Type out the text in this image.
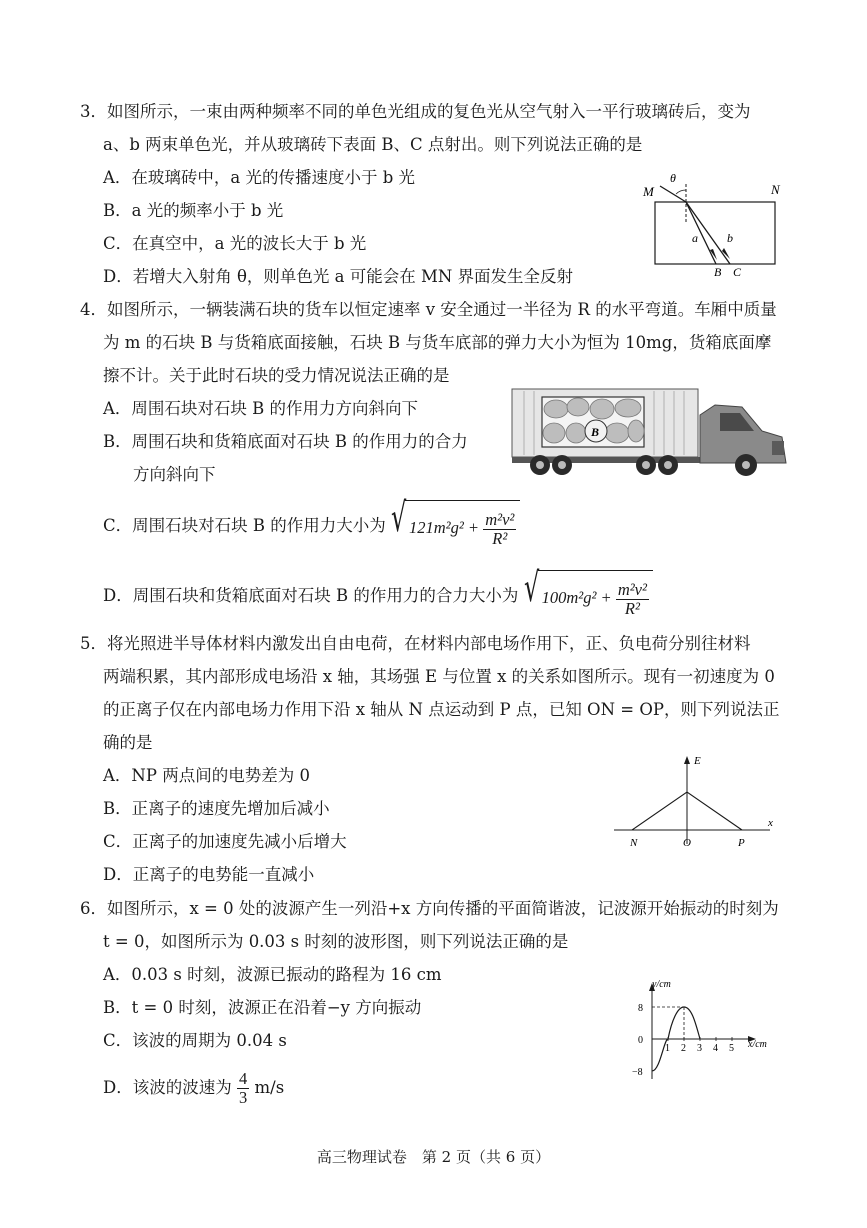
3．如图所示，一束由两种频率不同的单色光组成的复色光从空气射入一平行玻璃砖后，变为
a、b 两束单色光，并从玻璃砖下表面 B、C 点射出。则下列说法正确的是
A．在玻璃砖中，a 光的传播速度小于 b 光
B．a 光的频率小于 b 光
C．在真空中，a 光的波长大于 b 光
D．若增大入射角 θ，则单色光 a 可能会在 MN 界面发生全反射
θ
M	N
a b
B C
4．如图所示，一辆装满石块的货车以恒定速率 v 安全通过一半径为 R 的水平弯道。车厢中质量
为 m 的石块 B 与货箱底面接触，石块 B 与货车底部的弹力大小为恒为 10mg，货箱底面摩
擦不计。关于此时石块的受力情况说法正确的是
A．周围石块对石块 B 的作用力方向斜向下
B．周围石块和货箱底面对石块 B 的作用力的合力
方向斜向下
C．周围石块对石块 B 的作用力大小为 √ $121m^2g^2 + \frac{\text{m²v²}}{\text{R²}}$
D．周围石块和货箱底面对石块 B 的作用力的合力大小为 √ $100m^2g^2 + \frac{\text{m²v²}}{\text{R²}}$
B
5．将光照进半导体材料内激发出自由电荷，在材料内部电场作用下，正、负电荷分别往材料
两端积累，其内部形成电场沿 x 轴，其场强 E 与位置 x 的关系如图所示。现有一初速度为 0
的正离子仅在内部电场力作用下沿 x 轴从 N 点运动到 P 点，已知 ON = OP，则下列说法正
确的是
A．NP 两点间的电势差为 0
B．正离子的速度先增加后减小
C．正离子的加速度先减小后增大
D．正离子的电势能一直减小
E
x
N	O	P
6．如图所示，x = 0 处的波源产生一列沿+x 方向传播的平面简谐波，记波源开始振动的时刻为
t = 0，如图所示为 0.03 s 时刻的波形图，则下列说法正确的是
A．0.03 s 时刻，波源已振动的路程为 16 cm
B．t = 0 时刻，波源正在沿着−y 方向振动
C．该波的周期为 0.04 s
D．该波的波速为 $\frac{4}{3} m/s$
y/cm
x/cm
8
0
−8
1 2 3 4 5
高三物理试卷　第 2 页（共 6 页）
